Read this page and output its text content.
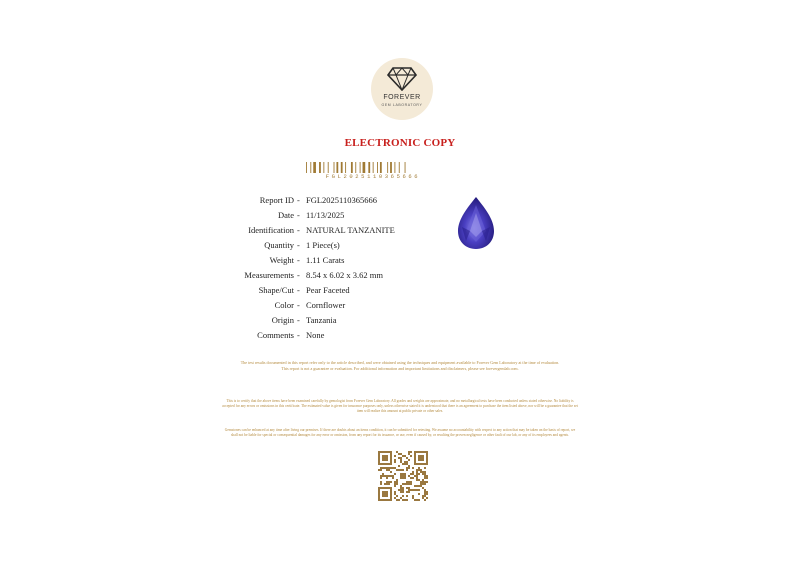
FOREVER
GEM LABORATORY
ELECTRONIC COPY
FGL2025110365666
Report ID - FGL2025110365666
Date - 11/13/2025
Identification - NATURAL TANZANITE
Quantity - 1 Piece(s)
Weight - 1.11 Carats
Measurements - 8.54 x 6.02 x 3.62 mm
Shape/Cut - Pear Faceted
Color - Cornflower
Origin - Tanzania
Comments - None
The test results documented in this report refer only to the article described, and were obtained using the techniques and equipment available to Forever Gem Laboratory at the time of evaluation. This report is not a guarantee or evaluation. For additional information and important limitations and disclaimers, please see forevergemlab.com.
This is to certify that the above items have been examined carefully by gemologist from Forever Gem Laboratory. All grades and weights are approximate, and no metallurgical tests have been conducted unless stated otherwise. No liability is accepted for any errors or omissions in this certificate. The estimated value is given for insurance purposes only, unless otherwise stated it is understood that there is an agreement to purchase the item listed above, nor will be a guarantee that the set item will realize this amount at public private or other sales.
Gemstones can be enhanced at any time after living our premises. If there are doubts about an items condition, it can be submitted for retesting. We assume no accountability with respect to any action that may be taken on the basis of report, we shall not be liable for special or consequential damages for any error or omission, from any report for its issuance, or use, even if caused by, or resulting the proven negligence or other fault of our lab, or any of its employees and agents.
